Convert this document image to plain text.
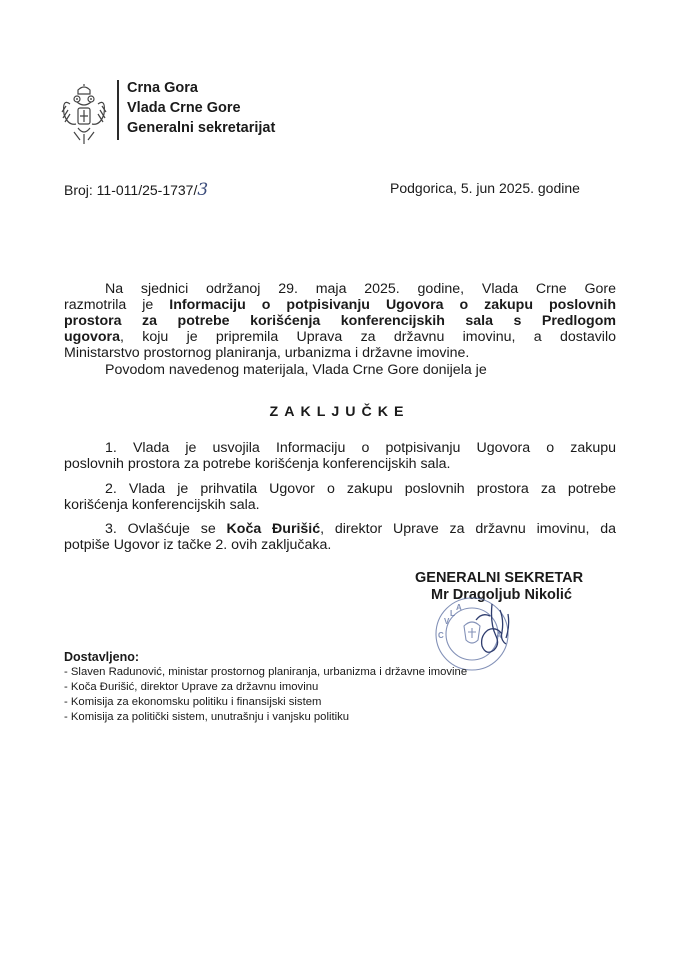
Crna Gora
Vlada Crne Gore
Generalni sekretarijat
Broj: 11-011/25-1737/3	Podgorica, 5. jun 2025. godine
Na sjednici održanoj 29. maja 2025. godine, Vlada Crne Gore
razmotrila je Informaciju o potpisivanju Ugovora o zakupu poslovnih
prostora za potrebe korišćenja konferencijskih sala s Predlogom
ugovora, koju je pripremila Uprava za državnu imovinu, a dostavilo
Ministarstvo prostornog planiranja, urbanizma i državne imovine.
Povodom navedenog materijala, Vlada Crne Gore donijela je
ZAKLJUČKE
1. Vlada je usvojila Informaciju o potpisivanju Ugovora o zakupu
poslovnih prostora za potrebe korišćenja konferencijskih sala.
2. Vlada je prihvatila Ugovor o zakupu poslovnih prostora za potrebe
korišćenja konferencijskih sala.
3. Ovlašćuje se Koča Đurišić, direktor Uprave za državnu imovinu, da
potpiše Ugovor iz tačke 2. ovih zaključaka.
GENERALNI SEKRETAR
Mr Dragoljub Nikolić
C
V
L
A
A
Dostavljeno:
- Slaven Radunović, ministar prostornog planiranja, urbanizma i državne imovine
- Koča Đurišić, direktor Uprave za državnu imovinu
- Komisija za ekonomsku politiku i finansijski sistem
- Komisija za politički sistem, unutrašnju i vanjsku politiku
